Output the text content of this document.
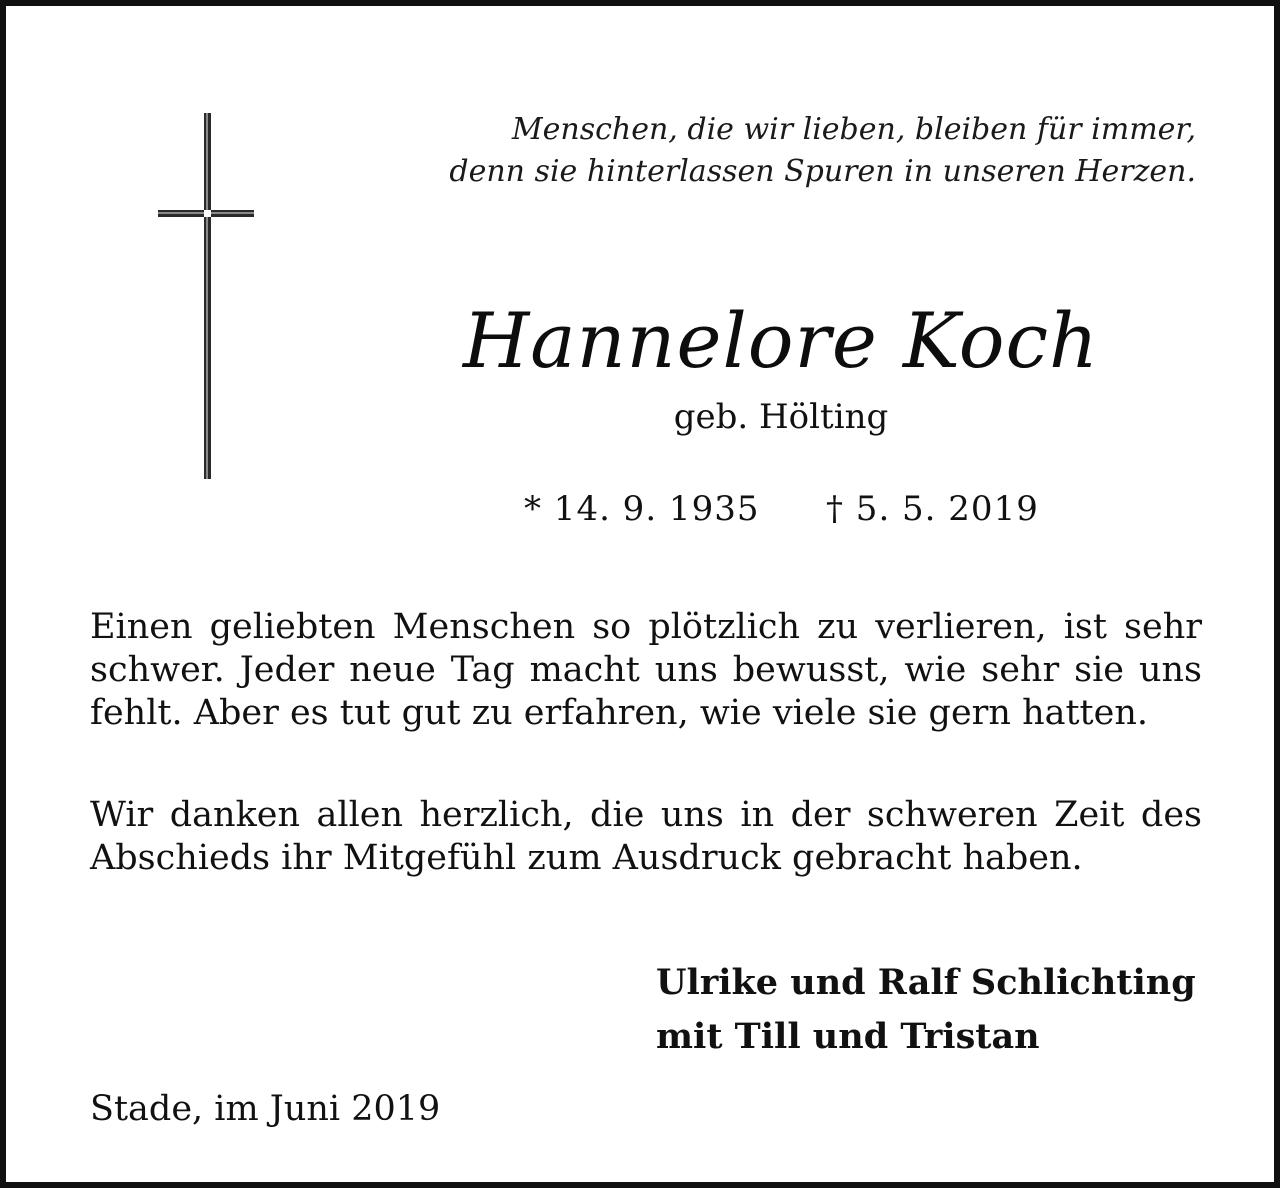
Menschen, die wir lieben, bleiben für immer,
denn sie hinterlassen Spuren in unseren Herzen.
Hannelore Koch
geb. Hölting
* 14. 9. 1935 † 5. 5. 2019
Einen geliebten Menschen so plötzlich zu verlieren, ist sehr schwer. Jeder neue Tag macht uns bewusst, wie sehr sie uns fehlt. Aber es tut gut zu erfahren, wie viele sie gern hatten.
Wir danken allen herzlich, die uns in der schweren Zeit des Abschieds ihr Mitgefühl zum Ausdruck gebracht haben.
Ulrike und Ralf Schlichting
mit Till und Tristan
Stade, im Juni 2019
